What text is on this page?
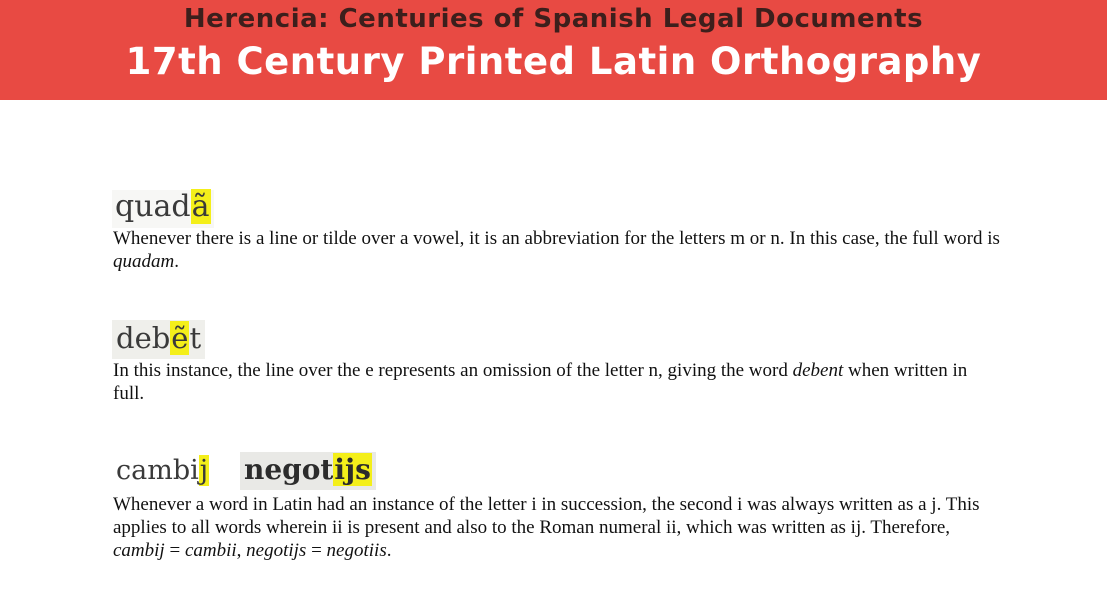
Herencia: Centuries of Spanish Legal Documents
17th Century Printed Latin Orthography
quadã
Whenever there is a line or tilde over a vowel, it is an abbreviation for the letters m or n. In this case, the full word is quadam.
debẽt
In this instance, the line over the e represents an omission of the letter n, giving the word debent when written in full.
cambij negotijs
Whenever a word in Latin had an instance of the letter i in succession, the second i was always written as a j. This applies to all words wherein ii is present and also to the Roman numeral ii, which was written as ij. Therefore, cambij = cambii, negotijs = negotiis.
